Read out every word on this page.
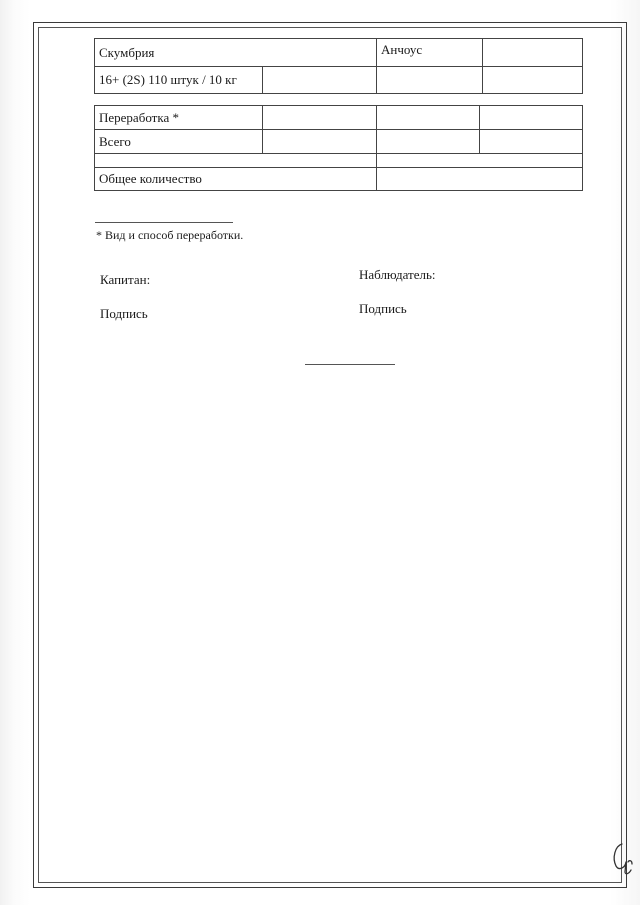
Скумбрия		Анчоус	
16+ (2S) 110 штук / 10 кг			
Переработка *			
Всего			

Общее количество			
* Вид и способ переработки.
Капитан:	Наблюдатель:
Подпись	Подпись
